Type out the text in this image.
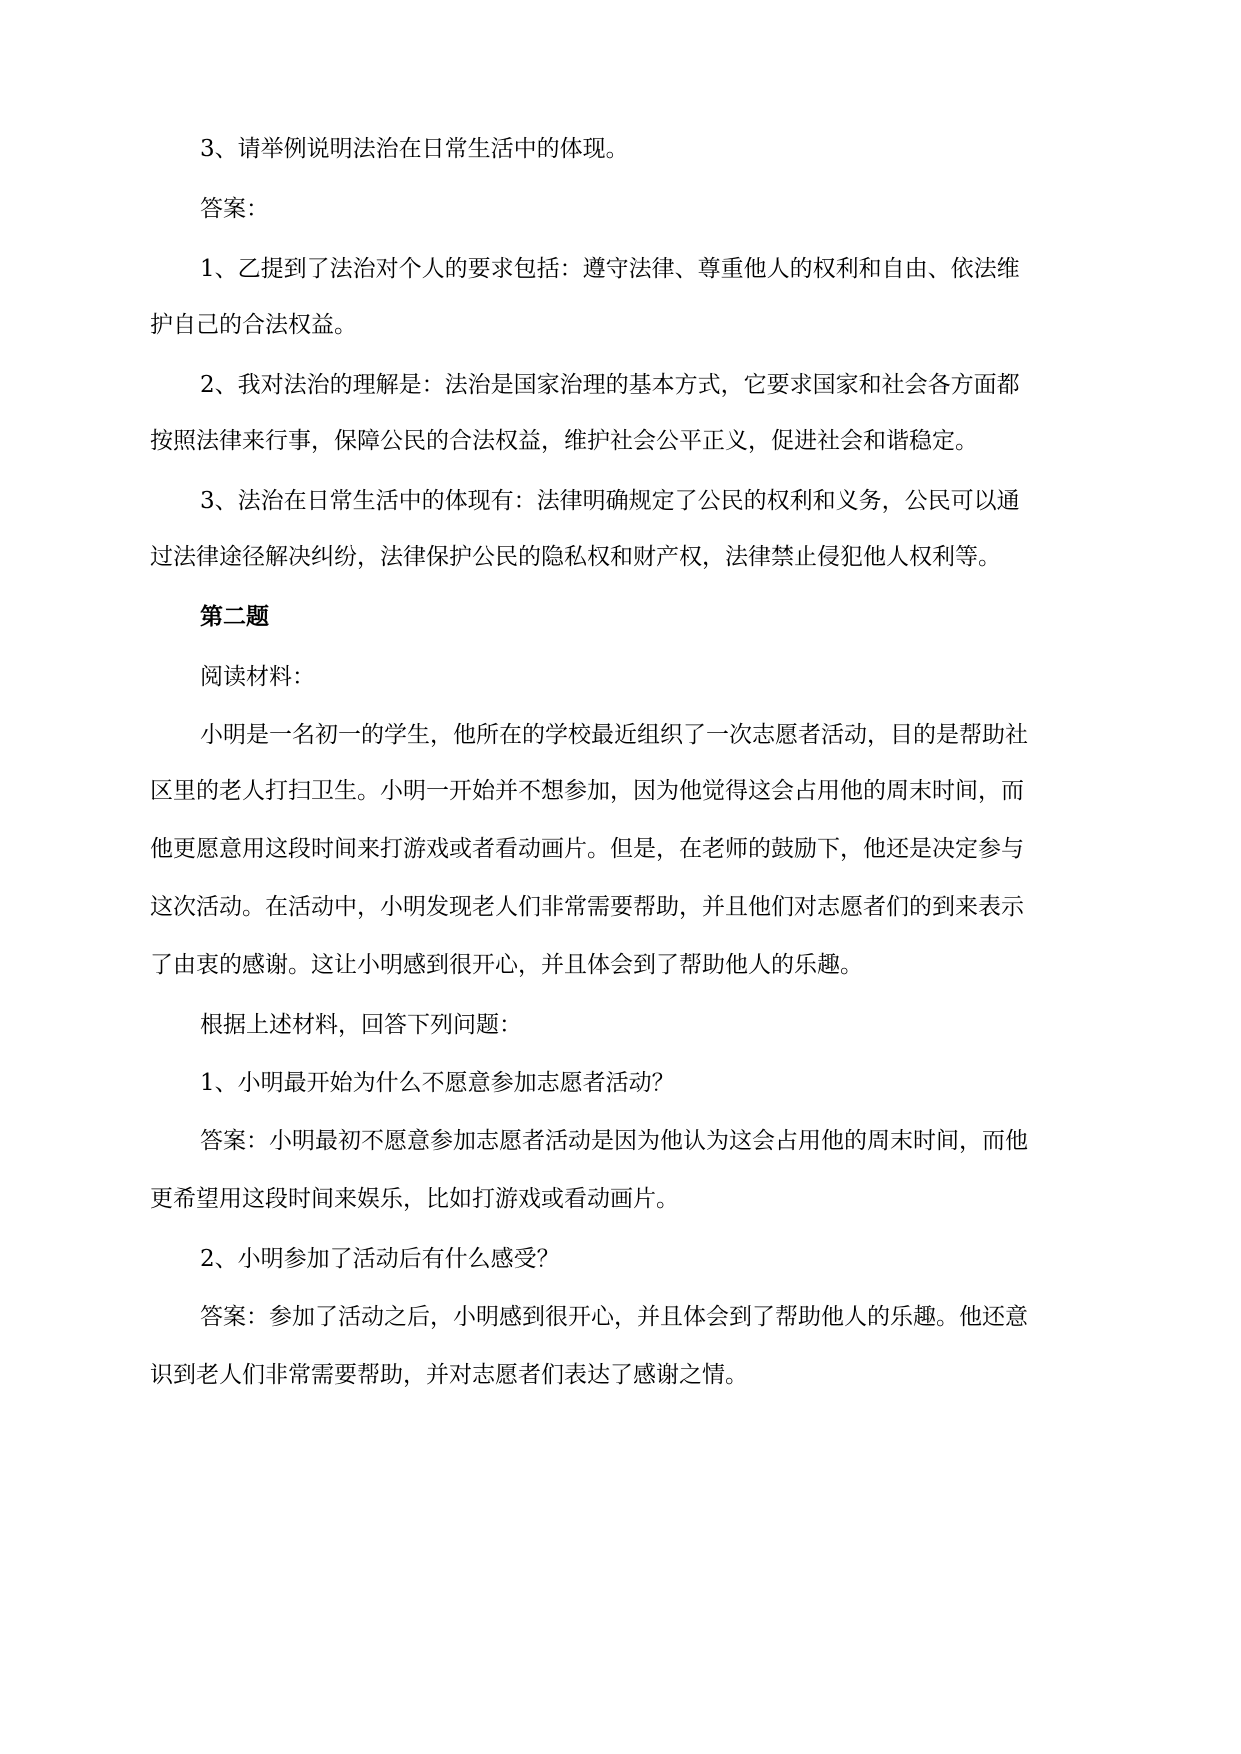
3、请举例说明法治在日常生活中的体现。
答案：
1、乙提到了法治对个人的要求包括：遵守法律、尊重他人的权利和自由、依法维
护自己的合法权益。
2、我对法治的理解是：法治是国家治理的基本方式，它要求国家和社会各方面都
按照法律来行事，保障公民的合法权益，维护社会公平正义，促进社会和谐稳定。
3、法治在日常生活中的体现有：法律明确规定了公民的权利和义务，公民可以通
过法律途径解决纠纷，法律保护公民的隐私权和财产权，法律禁止侵犯他人权利等。
第二题
阅读材料：
小明是一名初一的学生，他所在的学校最近组织了一次志愿者活动，目的是帮助社
区里的老人打扫卫生。小明一开始并不想参加，因为他觉得这会占用他的周末时间，而
他更愿意用这段时间来打游戏或者看动画片。但是，在老师的鼓励下，他还是决定参与
这次活动。在活动中，小明发现老人们非常需要帮助，并且他们对志愿者们的到来表示
了由衷的感谢。这让小明感到很开心，并且体会到了帮助他人的乐趣。
根据上述材料，回答下列问题：
1、小明最开始为什么不愿意参加志愿者活动？
答案：小明最初不愿意参加志愿者活动是因为他认为这会占用他的周末时间，而他
更希望用这段时间来娱乐，比如打游戏或看动画片。
2、小明参加了活动后有什么感受？
答案：参加了活动之后，小明感到很开心，并且体会到了帮助他人的乐趣。他还意
识到老人们非常需要帮助，并对志愿者们表达了感谢之情。
